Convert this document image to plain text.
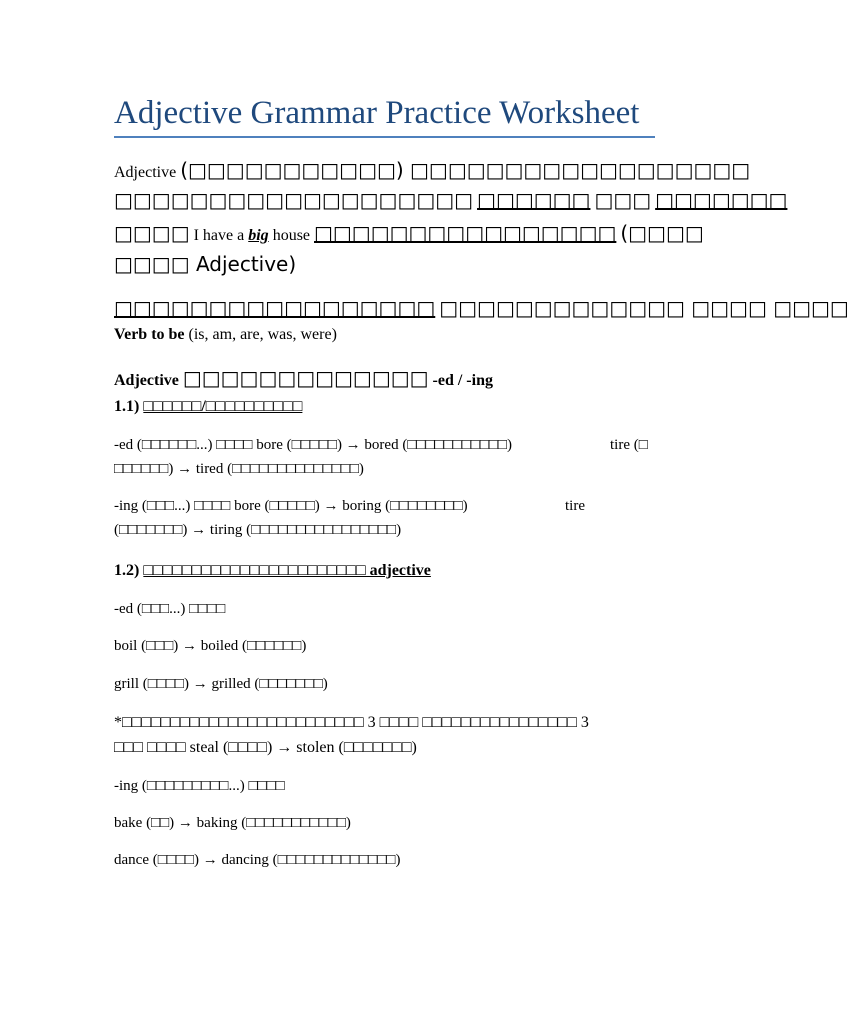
Adjective Grammar Practice Worksheet
Adjective (□□□□□□□□□□□) □□□□□□□□□□□□□□□□□□
□□□□□□□□□□□□□□□□□□□ □□□□□□ □□□ □□□□□□□
□□□□ I have a big house □□□□□□□□□□□□□□□□ (□□□□
□□□□ Adjective)
□□□□□□□□□□□□□□□□□ □□□□□□□□□□□□□ □□□□ □□□□
Verb to be (is, am, are, was, were)
Adjective □□□□□□□□□□□□□ -ed / -ing
1.1) □□□□□□/□□□□□□□□□□
-ed (□□□□□□...) □□□□ bore (□□□□□) → bored (□□□□□□□□□□□)	tire (□
□□□□□□) → tired (□□□□□□□□□□□□□□)
-ing (□□□...) □□□□ bore (□□□□□) → boring (□□□□□□□□)	tire
(□□□□□□□) → tiring (□□□□□□□□□□□□□□□□)
1.2) □□□□□□□□□□□□□□□□□□□□□□□ adjective
-ed (□□□...) □□□□
boil (□□□) → boiled (□□□□□□)
grill (□□□□) → grilled (□□□□□□□)
*□□□□□□□□□□□□□□□□□□□□□□□□□ 3 □□□□ □□□□□□□□□□□□□□□□ 3
□□□ □□□□ steal (□□□□) → stolen (□□□□□□□)
-ing (□□□□□□□□□...) □□□□
bake (□□) → baking (□□□□□□□□□□□)
dance (□□□□) → dancing (□□□□□□□□□□□□□)
